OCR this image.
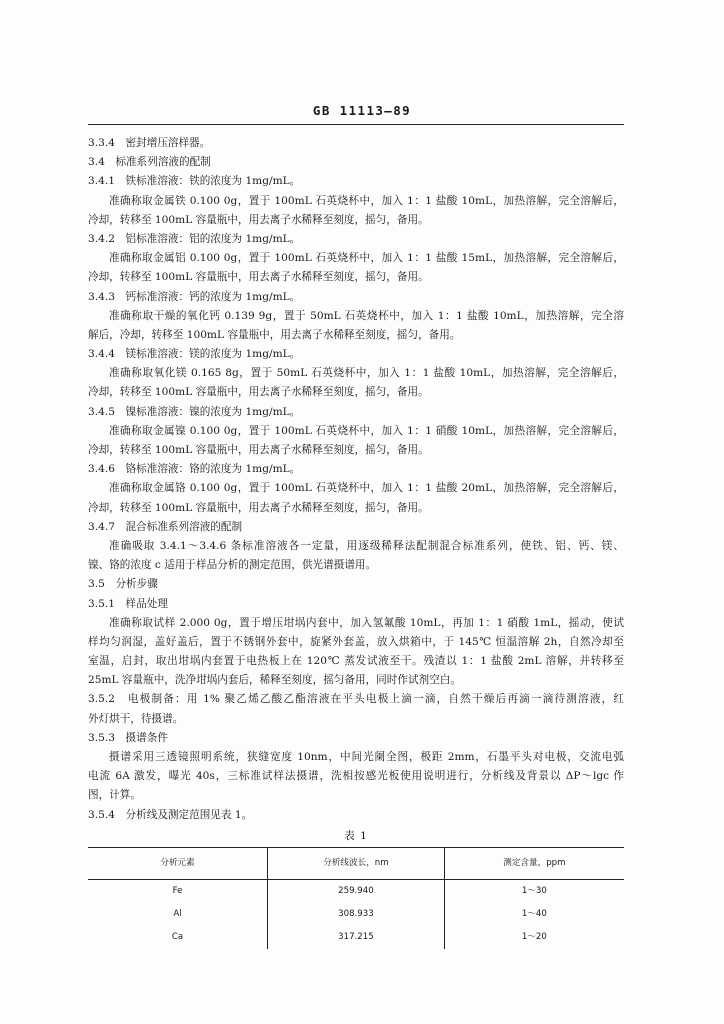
GB 11113—89
3.3.4　密封增压溶样器。
3.4　标准系列溶液的配制
3.4.1　铁标准溶液：铁的浓度为 1mg/mL。
准确称取金属铁 0.100 0g，置于 100mL 石英烧杯中，加入 1：1 盐酸 10mL，加热溶解，完全溶解后，
冷却，转移至 100mL 容量瓶中，用去离子水稀释至刻度，摇匀，备用。
3.4.2　铝标准溶液：铝的浓度为 1mg/mL。
准确称取金属铝 0.100 0g，置于 100mL 石英烧杯中，加入 1：1 盐酸 15mL，加热溶解，完全溶解后，
冷却，转移至 100mL 容量瓶中，用去离子水稀释至刻度，摇匀，备用。
3.4.3　钙标准溶液：钙的浓度为 1mg/mL。
准确称取干燥的氧化钙 0.139 9g，置于 50mL 石英烧杯中，加入 1：1 盐酸 10mL，加热溶解，完全溶
解后，冷却，转移至 100mL 容量瓶中，用去离子水稀释至刻度，摇匀，备用。
3.4.4　镁标准溶液：镁的浓度为 1mg/mL。
准确称取氧化镁 0.165 8g，置于 50mL 石英烧杯中，加入 1：1 盐酸 10mL，加热溶解，完全溶解后，
冷却，转移至 100mL 容量瓶中，用去离子水稀释至刻度，摇匀，备用。
3.4.5　镍标准溶液：镍的浓度为 1mg/mL。
准确称取金属镍 0.100 0g，置于 100mL 石英烧杯中，加入 1：1 硝酸 10mL，加热溶解，完全溶解后，
冷却，转移至 100mL 容量瓶中，用去离子水稀释至刻度，摇匀，备用。
3.4.6　铬标准溶液：铬的浓度为 1mg/mL。
准确称取金属铬 0.100 0g，置于 100mL 石英烧杯中，加入 1：1 盐酸 20mL，加热溶解，完全溶解后，
冷却，转移至 100mL 容量瓶中，用去离子水稀释至刻度，摇匀，备用。
3.4.7　混合标准系列溶液的配制
准确吸取 3.4.1～3.4.6 条标准溶液各一定量，用逐级稀释法配制混合标准系列，使铁、铝、钙、镁、
镍、铬的浓度 c 适用于样品分析的测定范围，供光谱摄谱用。
3.5　分析步骤
3.5.1　样品处理
准确称取试样 2.000 0g，置于增压坩埚内套中，加入氢氟酸 10mL，再加 1：1 硝酸 1mL，摇动，使试
样均匀润湿，盖好盖后，置于不锈钢外套中，旋紧外套盖，放入烘箱中，于 145℃ 恒温溶解 2h，自然冷却至
室温，启封，取出坩埚内套置于电热板上在 120℃ 蒸发试液至干。残渣以 1：1 盐酸 2mL 溶解，并转移至
25mL 容量瓶中，洗净坩埚内套后，稀释至刻度，摇匀备用，同时作试剂空白。
3.5.2　电极制备：用 1% 聚乙烯乙酸乙酯溶液在平头电极上滴一滴，自然干燥后再滴一滴待测溶液，红
外灯烘干，待摄谱。
3.5.3　摄谱条件
摄谱采用三透镜照明系统，狭缝宽度 10nm，中间光阑全图，极距 2mm，石墨平头对电极，交流电弧
电流 6A 激发，曝光 40s，三标准试样法摄谱，洗相按感光板使用说明进行，分析线及背景以 ΔP～lgc 作
图，计算。
3.5.4　分析线及测定范围见表 1。
表 1
分析元素	分析线波长，nm	测定含量，ppm
Fe	259.940	1～30
Al	308.933	1～40
Ca	317.215	1～20
